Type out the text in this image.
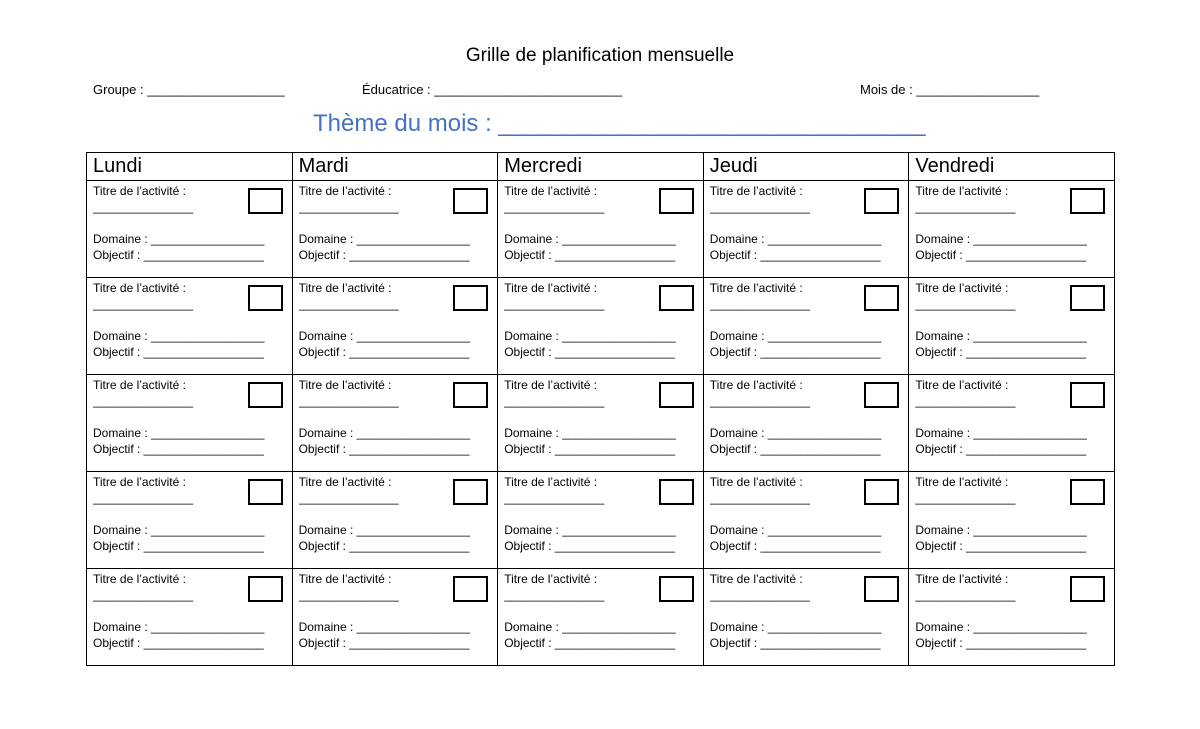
Grille de planification mensuelle
Groupe : ___________________	Éducatrice : __________________________	Mois de : _________________
Thème du mois : ________________________________
Lundi	Mardi	Mercredi	Jeudi	Vendredi

Titre de l’activité :
_______________
Domaine : _________________
Objectif : __________________	Titre de l’activité :
_______________
Domaine : _________________
Objectif : __________________	Titre de l’activité :
_______________
Domaine : _________________
Objectif : __________________	Titre de l’activité :
_______________
Domaine : _________________
Objectif : __________________	Titre de l’activité :
_______________
Domaine : _________________
Objectif : __________________

Titre de l’activité :
_______________
Domaine : _________________
Objectif : __________________	Titre de l’activité :
_______________
Domaine : _________________
Objectif : __________________	Titre de l’activité :
_______________
Domaine : _________________
Objectif : __________________	Titre de l’activité :
_______________
Domaine : _________________
Objectif : __________________	Titre de l’activité :
_______________
Domaine : _________________
Objectif : __________________

Titre de l’activité :
_______________
Domaine : _________________
Objectif : __________________	Titre de l’activité :
_______________
Domaine : _________________
Objectif : __________________	Titre de l’activité :
_______________
Domaine : _________________
Objectif : __________________	Titre de l’activité :
_______________
Domaine : _________________
Objectif : __________________	Titre de l’activité :
_______________
Domaine : _________________
Objectif : __________________

Titre de l’activité :
_______________
Domaine : _________________
Objectif : __________________	Titre de l’activité :
_______________
Domaine : _________________
Objectif : __________________	Titre de l’activité :
_______________
Domaine : _________________
Objectif : __________________	Titre de l’activité :
_______________
Domaine : _________________
Objectif : __________________	Titre de l’activité :
_______________
Domaine : _________________
Objectif : __________________

Titre de l’activité :
_______________
Domaine : _________________
Objectif : __________________	Titre de l’activité :
_______________
Domaine : _________________
Objectif : __________________	Titre de l’activité :
_______________
Domaine : _________________
Objectif : __________________	Titre de l’activité :
_______________
Domaine : _________________
Objectif : __________________	Titre de l’activité :
_______________
Domaine : _________________
Objectif : __________________
